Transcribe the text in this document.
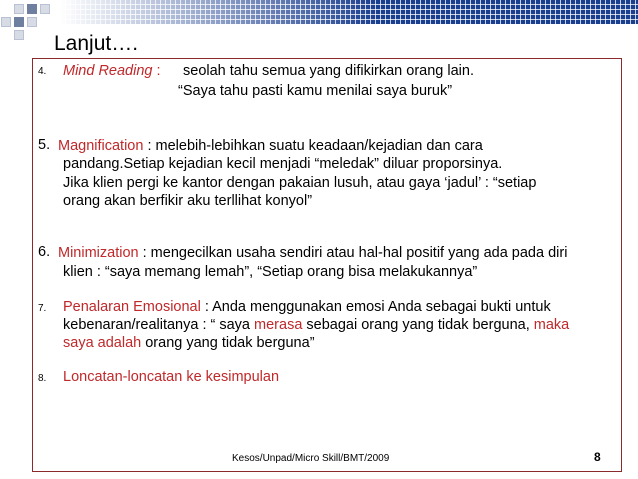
Lanjut….
4. Mind Reading : seolah tahu semua yang difikirkan orang lain.
“Saya tahu pasti kamu menilai saya buruk”
5. Magnification : melebih-lebihkan suatu keadaan/kejadian dan cara
pandang.Setiap kejadian kecil menjadi “meledak” diluar proporsinya.
Jika klien pergi ke kantor dengan pakaian lusuh, atau gaya ‘jadul’ : “setiap
orang akan berfikir aku terllihat konyol”
6. Minimization : mengecilkan usaha sendiri atau hal-hal positif yang ada pada diri
klien : “saya memang lemah”, “Setiap orang bisa melakukannya”
7. Penalaran Emosional : Anda menggunakan emosi Anda sebagai bukti untuk
kebenaran/realitanya : “ saya merasa sebagai orang yang tidak berguna, maka
saya adalah orang yang tidak berguna”
8. Loncatan-loncatan ke kesimpulan
Kesos/Unpad/Micro Skill/BMT/2009	8
